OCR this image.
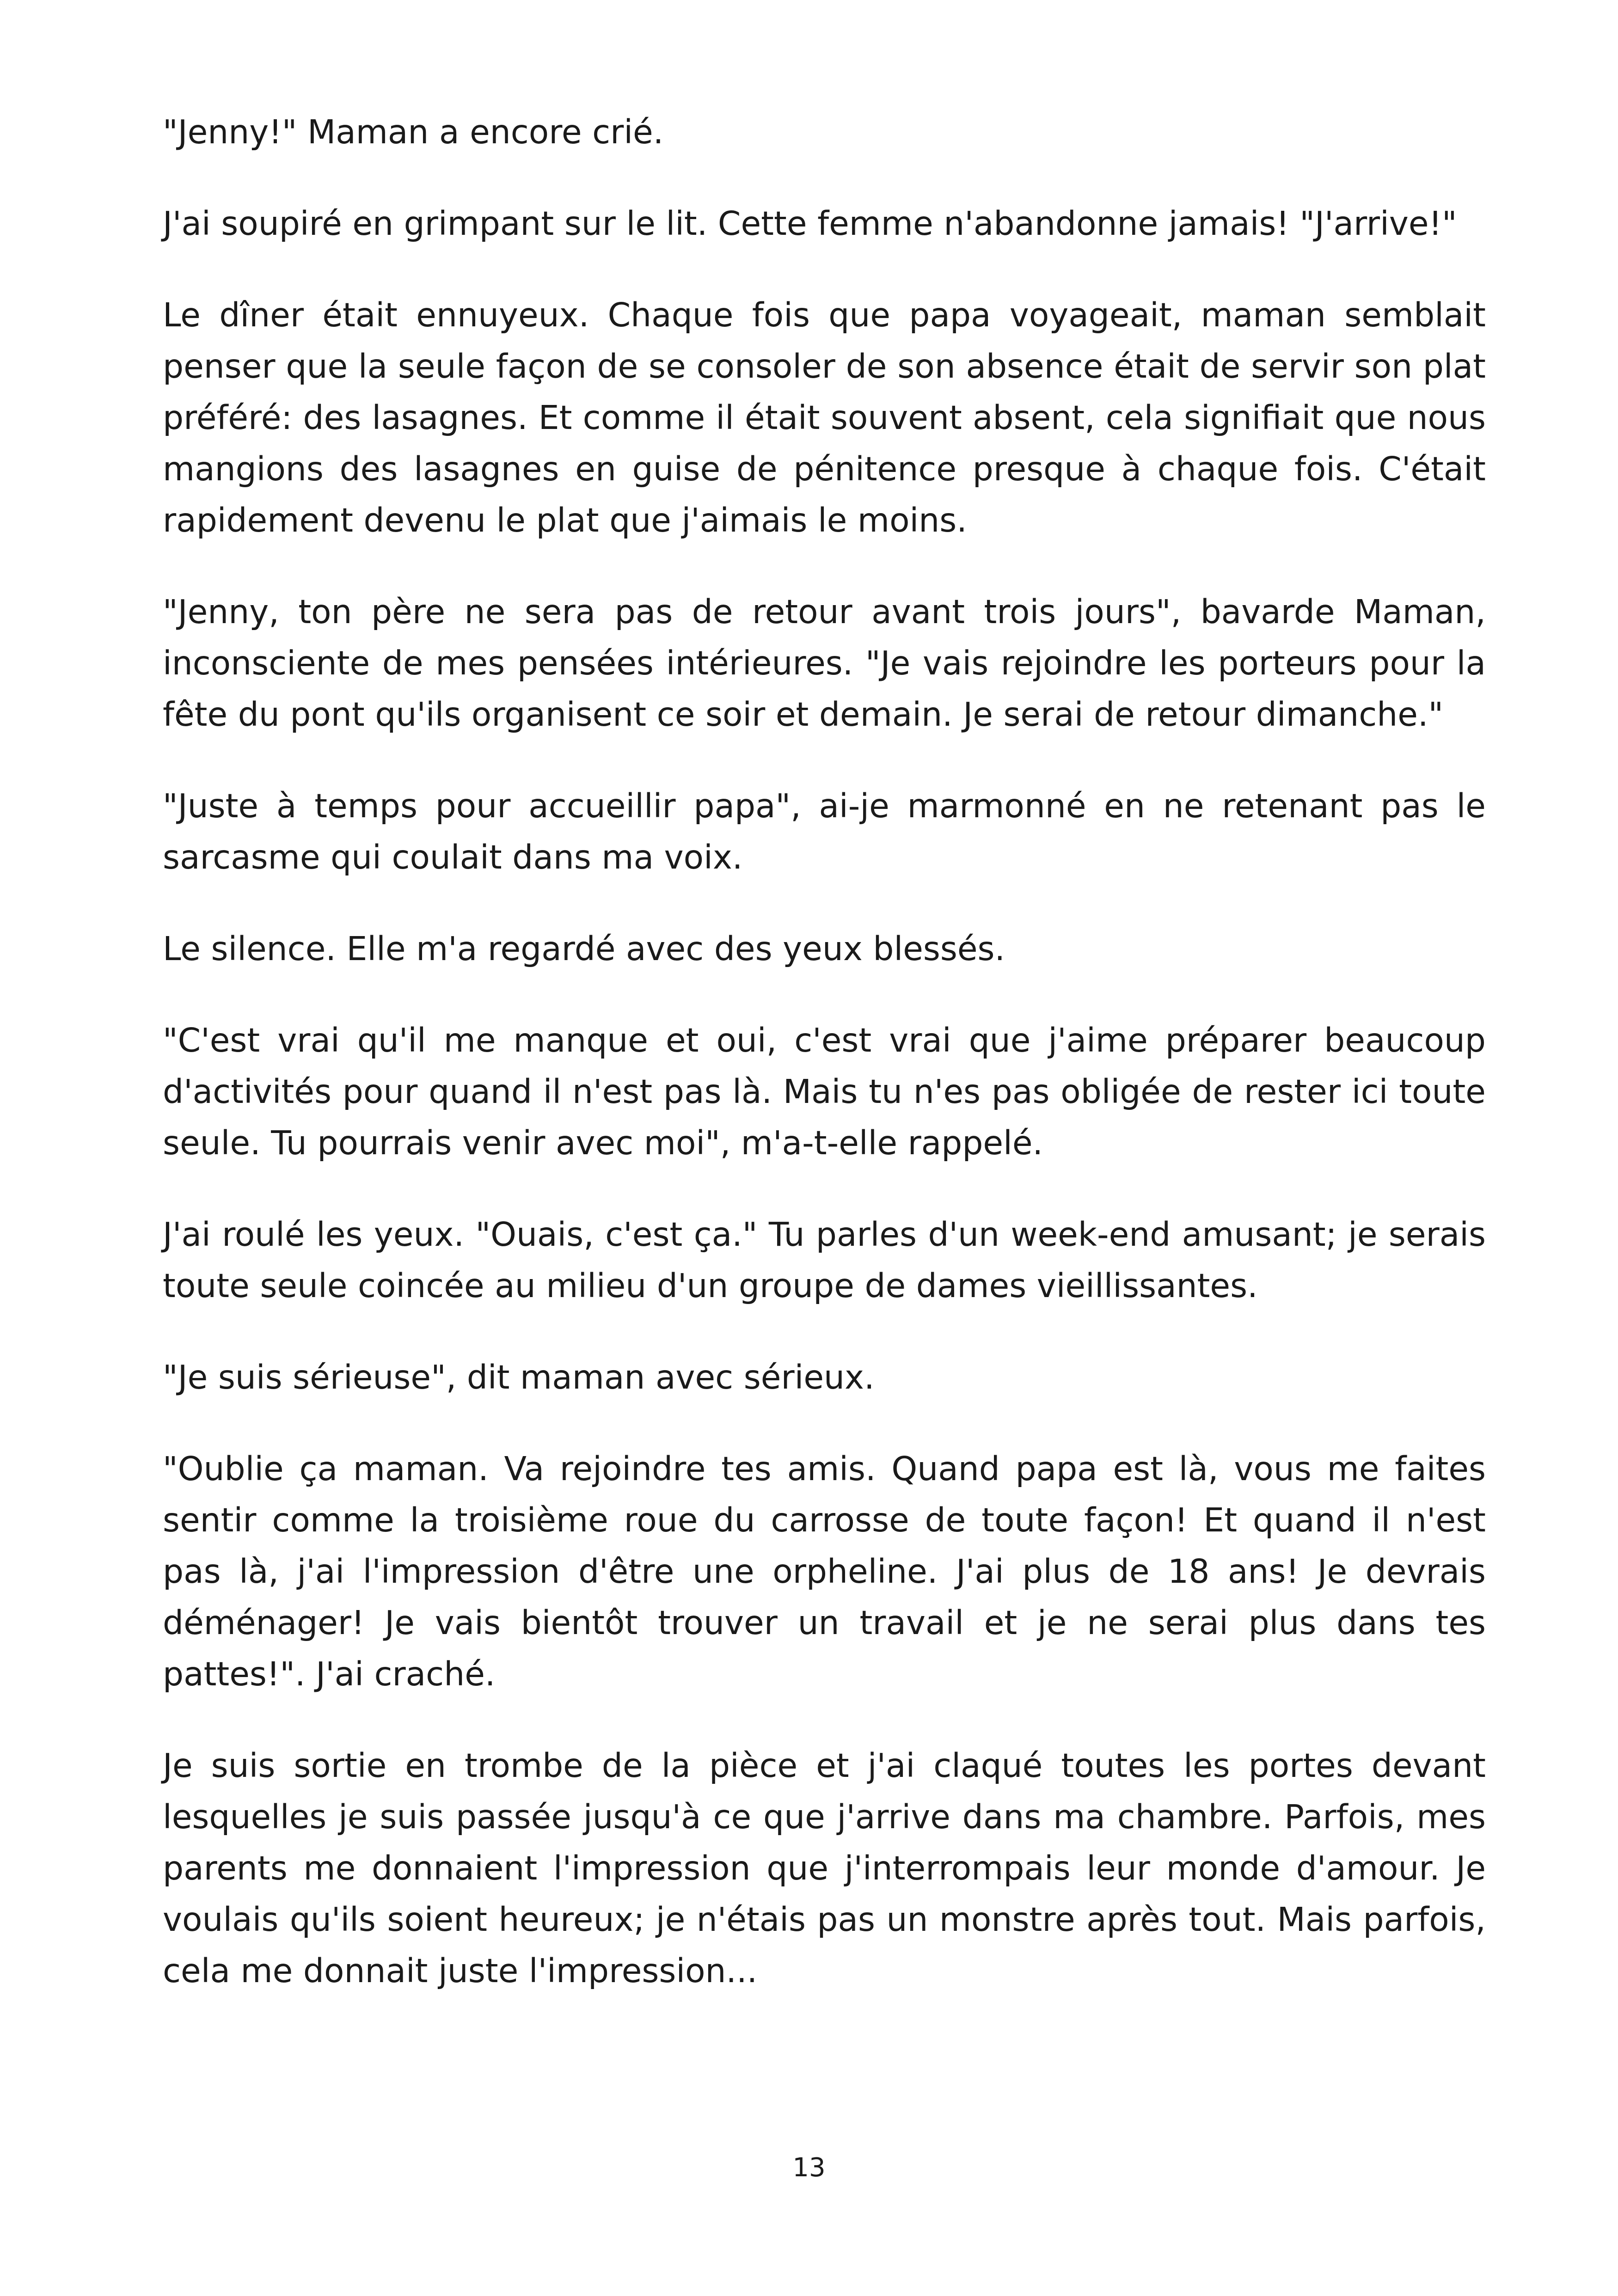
"Jenny!" Maman a encore crié.

J'ai soupiré en grimpant sur le lit. Cette femme n'abandonne jamais! "J'arrive!"

Le dîner était ennuyeux. Chaque fois que papa voyageait, maman semblait penser que la seule façon de se consoler de son absence était de servir son plat préféré: des lasagnes. Et comme il était souvent absent, cela signifiait que nous mangions des lasagnes en guise de pénitence presque à chaque fois. C'était rapidement devenu le plat que j'aimais le moins.

"Jenny, ton père ne sera pas de retour avant trois jours", bavarde Maman, inconsciente de mes pensées intérieures. "Je vais rejoindre les porteurs pour la fête du pont qu'ils organisent ce soir et demain. Je serai de retour dimanche."

"Juste à temps pour accueillir papa", ai-je marmonné en ne retenant pas le sarcasme qui coulait dans ma voix.

Le silence. Elle m'a regardé avec des yeux blessés.

"C'est vrai qu'il me manque et oui, c'est vrai que j'aime préparer beaucoup d'activités pour quand il n'est pas là. Mais tu n'es pas obligée de rester ici toute seule. Tu pourrais venir avec moi", m'a-t-elle rappelé.

J'ai roulé les yeux. "Ouais, c'est ça." Tu parles d'un week-end amusant; je serais toute seule coincée au milieu d'un groupe de dames vieillissantes.

"Je suis sérieuse", dit maman avec sérieux.

"Oublie ça maman. Va rejoindre tes amis. Quand papa est là, vous me faites sentir comme la troisième roue du carrosse de toute façon! Et quand il n'est pas là, j'ai l'impression d'être une orpheline. J'ai plus de 18 ans! Je devrais déménager! Je vais bientôt trouver un travail et je ne serai plus dans tes pattes!". J'ai craché.

Je suis sortie en trombe de la pièce et j'ai claqué toutes les portes devant lesquelles je suis passée jusqu'à ce que j'arrive dans ma chambre. Parfois, mes parents me donnaient l'impression que j'interrompais leur monde d'amour. Je voulais qu'ils soient heureux; je n'étais pas un monstre après tout. Mais parfois, cela me donnait juste l'impression...

13
